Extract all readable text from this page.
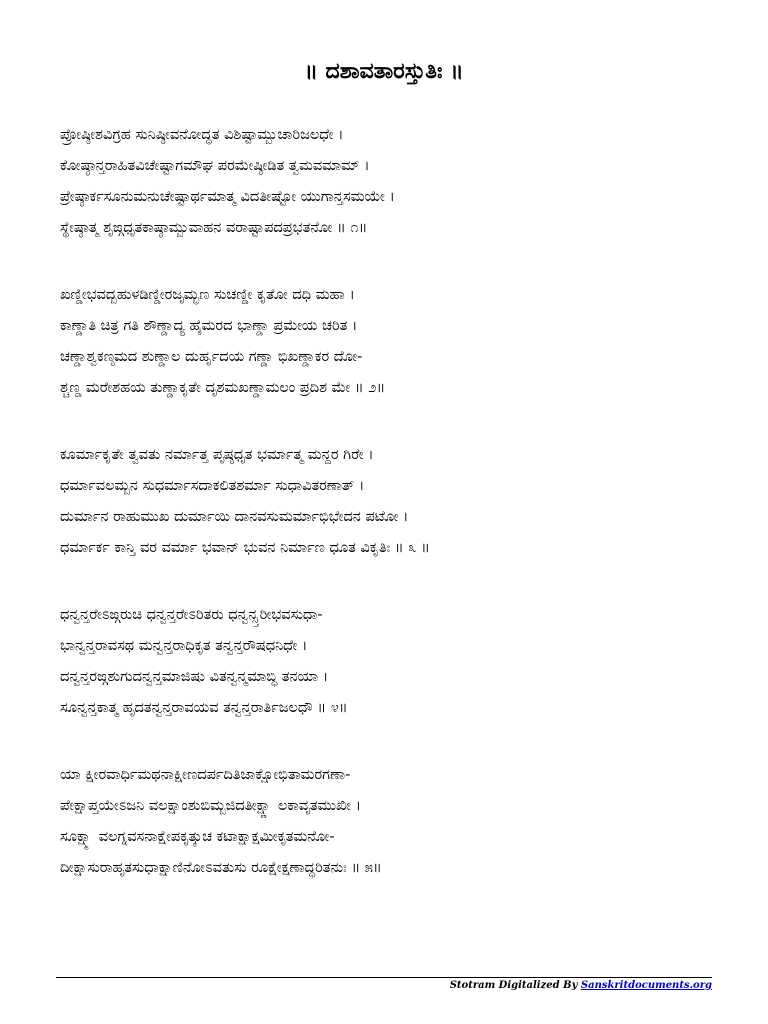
॥ ದಶಾವತಾರಸ್ತುತಿಃ ॥
ಪ್ರೋಷ್ಠೀಶವಿಗ್ರಹ ಸುನಿಷ್ಠೀವನೋದ್ಧತ ವಿಶಿಷ್ಟಾಮ್ಬುಚಾರಿಜಲಧೇ ।
ಕೋಷ್ಠಾನ್ತರಾಹಿತವಿಚೇಷ್ಟಾಗಮೌಘ ಪರಮೇಷ್ಠೀಡಿತ ತ್ವಮವಮಾಮ್ ।
ಪ್ರೇಷ್ಠಾರ್ಕಸೂನುಮನುಚೇಷ್ಟಾರ್ಥಮಾತ್ಮ ವಿದತೀಷ್ಟೋ ಯುಗಾನ್ತಸಮಯೇ ।
ಸ್ಥೇಷ್ಠಾತ್ಮ ಶೃಙ್ಗಧೃತಕಾಷ್ಠಾಮ್ಬುವಾಹನ ವರಾಷ್ಟಾಪದಪ್ರಭತನೋ ॥ ೧॥
ಖಣ್ಡೀಭವದ್ಬಹುಳಡಿಣ್ಡೀರಜೃಮ್ಭಣ ಸುಚಣ್ಡೀ ಕೃತೋ ದಧಿ ಮಹಾ ।
ಕಾಣ್ಡಾತಿ ಚಿತ್ರ ಗತಿ ಶೌಣ್ಡಾದ್ಯ ಹೈಮರದ ಭಾಣ್ಡಾ ಪ್ರಮೇಯ ಚರಿತ ।
ಚಣ್ಡಾಶ್ವಕಣ್ಠಮದ ಶುಣ್ಡಾಲ ದುರ್ಹೃದಯ ಗಣ್ಡಾ ಭಿಖಣ್ಡಾಕರ ದೋ-
ಶ್ಚಣ್ಡ ಮರೇಶಹಯ ತುಣ್ಡಾಕೃತೇ ದೃಶಮಖಣ್ಡಾಮಲಂ ಪ್ರದಿಶ ಮೇ ॥ ೨॥
ಕೂರ್ಮಾಕೃತೇ ತ್ವವತು ನರ್ಮಾತ್ತ ಪೃಷ್ಠಧೃತ ಭರ್ಮಾತ್ಮ ಮನ್ದರ ಗಿರೇ ।
ಧರ್ಮಾವಲಮ್ಬನ ಸುಧರ್ಮಾಸದಾಕಲಿತಶರ್ಮಾ ಸುಧಾವಿತರಣಾತ್ ।
ದುರ್ಮಾನ ರಾಹುಮುಖ ದುರ್ಮಾಯಿ ದಾನವಸುಮರ್ಮಾಭಿಭೇದನ ಪಟೋ ।
ಧರ್ಮಾರ್ಕ ಕಾನ್ತಿ ವರ ವರ್ಮಾ ಭವಾನ್ ಭುವನ ನಿರ್ಮಾಣ ಧೂತ ವಿಕೃತಿಃ ॥ ೩ ॥
ಧನ್ವನ್ತರೇಽಙ್ಗರುಚಿ ಧನ್ವನ್ತರೇಽರಿತರು ಧನ್ವನ್ಸ್ತರೀಭವಸುಧಾ-
ಭಾನ್ವನ್ತರಾವಸಥ ಮನ್ವನ್ತರಾಧಿಕೃತ ತನ್ವನ್ತರೌಷಧನಿಧೇ ।
ದನ್ವನ್ತರಙ್ಗಶುಗುದನ್ವನ್ತಮಾಜಿಷು ವಿತನ್ವನ್ಮಮಾಬ್ಧಿ ತನಯಾ ।
ಸೂನ್ವನ್ತಕಾತ್ಮ ಹೃದತನ್ವನ್ತರಾವಯವ ತನ್ವನ್ತರಾರ್ತಿಜಲಧೌ ॥ ೪॥
ಯಾ ಕ್ಷೀರವಾರ್ಧಿಮಥನಾಕ್ಷೀಣದರ್ಪದಿತಿಜಾಕ್ಷೋಭಿತಾಮರಗಣಾ-
ಪೇಕ್ಷಾಪ್ತಯೇಽಜನಿ ವಲಕ್ಷಾಂಶುಬಿಮ್ಬಜಿದತೀಕ್ಷ್ಣಾ ಲಕಾವೃತಮುಖೀ ।
ಸೂಕ್ಷ್ಮಾ ವಲಗ್ನವಸನಾಕ್ಷೇಪಕೃತ್ಕುಚ ಕಟಾಕ್ಷಾಕ್ಷಮೀಕೃತಮನೋ-
ದೀಕ್ಷಾಸುರಾಹೃತಸುಧಾಕ್ಷಾಣಿನೋಽವತುಸು ರೂಕ್ಷೇಕ್ಷಣಾದ್ಧರಿತನುಃ ॥ ೫॥
Stotram Digitalized By Sanskritdocuments.org
